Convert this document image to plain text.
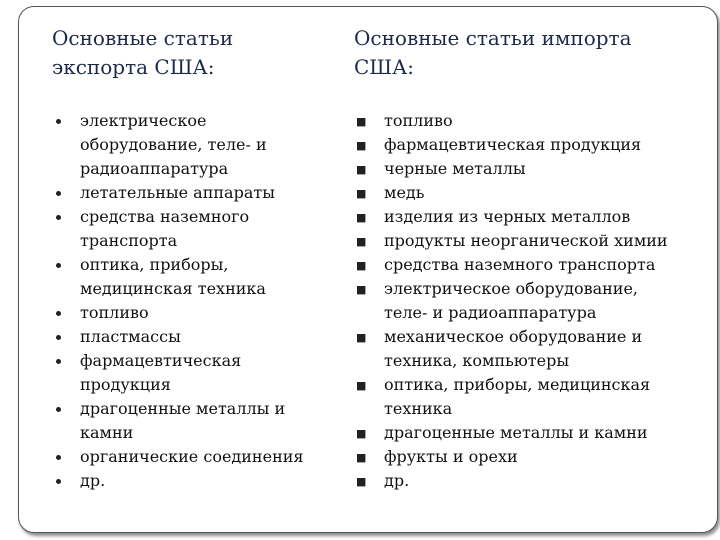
Основные статьи экспорта США:
электрическое оборудование, теле- и радиоаппаратура
летательные аппараты
средства наземного транспорта
оптика, приборы, медицинская техника
топливо
пластмассы
фармацевтическая продукция
драгоценные металлы и камни
органические соединения
др.
Основные статьи импорта США:
■ топливо
■ фармацевтическая продукция
■ черные металлы
■ медь
■ изделия из черных металлов
■ продукты неорганической химии
■ средства наземного транспорта
■ электрическое оборудование, теле- и радиоаппаратура
■ механическое оборудование и техника, компьютеры
■ оптика, приборы, медицинская техника
■ драгоценные металлы и камни
■ фрукты и орехи
■ др.
